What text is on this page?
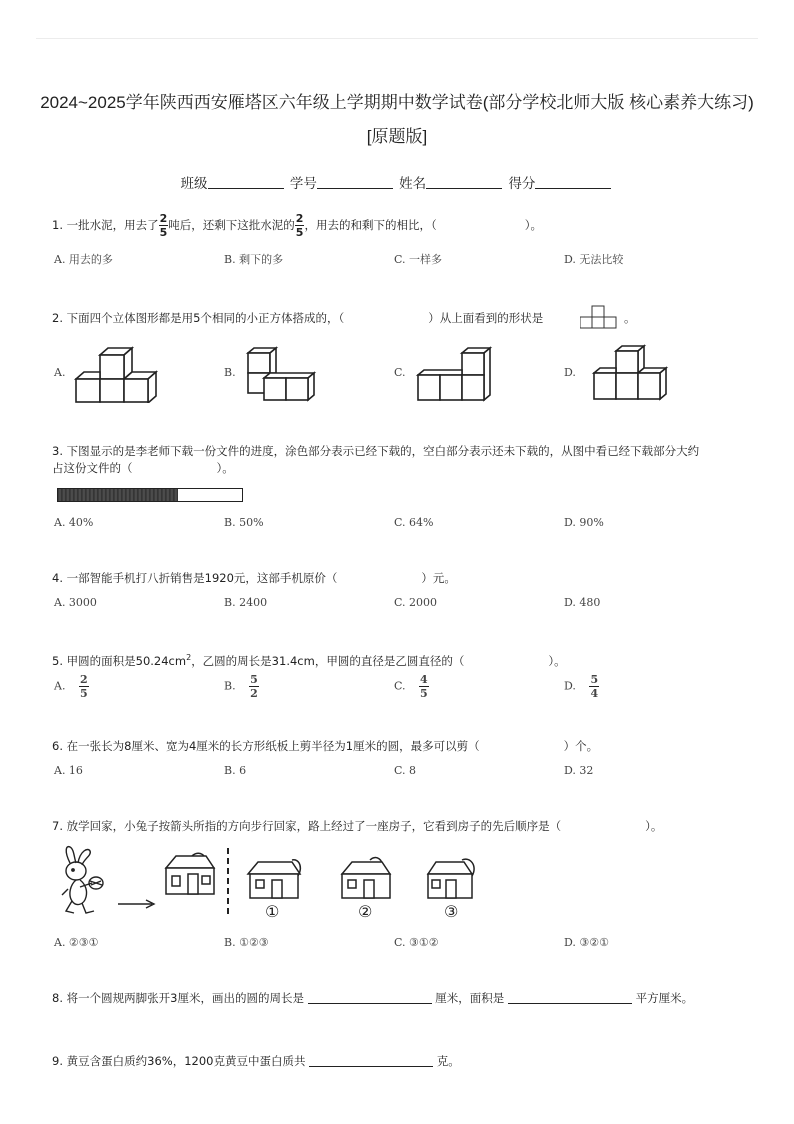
2024~2025学年陕西西安雁塔区六年级上学期期中数学试卷(部分学校北师大版 核心素养大练习)[原题版]
班级	学号	姓名	得分
1. 一批水泥，用去了 $\frac{2}{5}$ 吨后，还剩下这批水泥的 $\frac{2}{5}$ ，用去的和剩下的相比，（	）。
A. 用去的多	B. 剩下的多	C. 一样多	D. 无法比较
2. 下面四个立体图形都是用5个相同的小正方体搭成的，（	）从上面看到的形状是	。
A.	B.	C.	D.
3. 下图显示的是李老师下载一份文件的进度，涂色部分表示已经下载的，空白部分表示还未下载的，从图中看已经下载部分大约
占这份文件的（	）。
A. 40%	B. 50%	C. 64%	D. 90%
4. 一部智能手机打八折销售是1920元，这部手机原价（	）元。
A. 3000	B. 2400	C. 2000	D. 480
5. 甲圆的面积是$50.24cm^2$，乙圆的周长是31.4cm，甲圆的直径是乙圆直径的（	）。
A. $\frac{2}{5}$	B. $\frac{5}{2}$	C. $\frac{4}{5}$	D. $\frac{5}{4}$
6. 在一张长为8厘米、宽为4厘米的长方形纸板上剪半径为1厘米的圆，最多可以剪（	）个。
A. 16	B. 6	C. 8	D. 32
7. 放学回家，小兔子按箭头所指的方向步行回家，路上经过了一座房子，它看到房子的先后顺序是（	）。
①	②	③
A. ②③①	B. ①②③	C. ③①②	D. ③②①
8. 将一个圆规两脚张开3厘米，画出的圆的周长是	厘米，面积是	平方厘米。
9. 黄豆含蛋白质约36%，1200克黄豆中蛋白质共	克。
